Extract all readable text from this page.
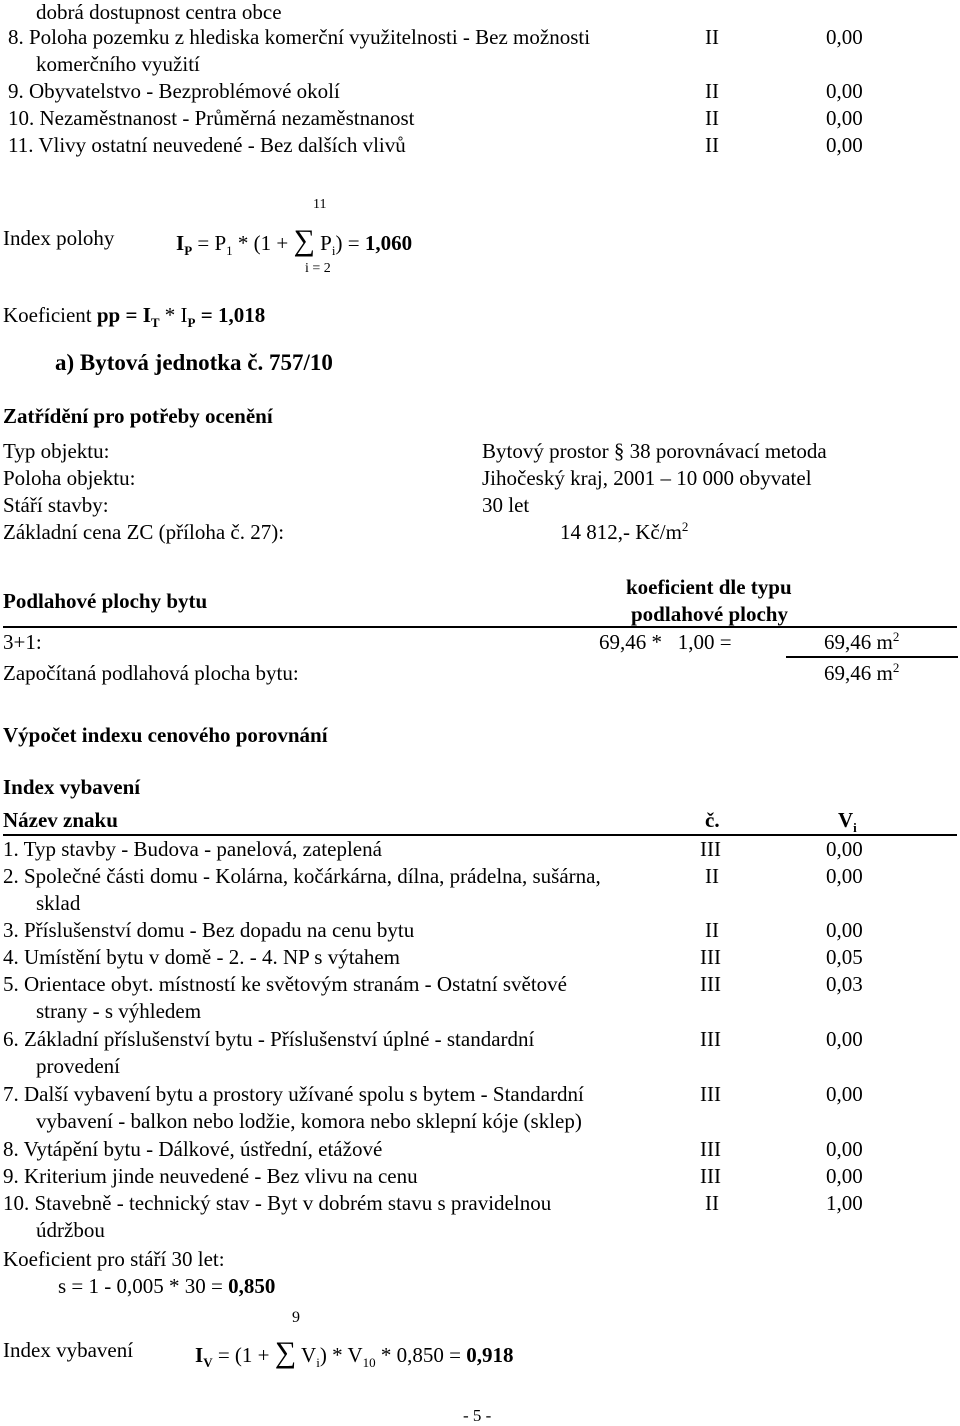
dobrá dostupnost centra obce
8. Poloha pozemku z hlediska komerční využitelnosti - Bez možnosti
komerčního využití
II	0,00
9. Obyvatelstvo - Bezproblémové okolí	II	0,00
10. Nezaměstnanost - Průměrná nezaměstnanost	II	0,00
11. Vlivy ostatní neuvedené - Bez dalších vlivů	II	0,00
11
Index polohy	$I_P = P_1 * (1$ + ∑ $P_i) = 1,060$
i = 2
Koeficient pp = $I_T * I_P = 1,018$
a) Bytová jednotka č. 757/10
Zatřídění pro potřeby ocenění
Typ objektu:	Bytový prostor § 38 porovnávací metoda
Poloha objektu:	Jihočeský kraj, 2001 – 10 000 obyvatel
Stáří stavby:	30 let
Základní cena ZC (příloha č. 27):	14 812,- $Kč/m^2$
Podlahové plochy bytu
koeficient dle typu
podlahové plochy
3+1:	69,46 *   1,00 =	69,46 $m^2$
Započítaná podlahová plocha bytu:	69,46 $m^2$
Výpočet indexu cenového porovnání
Index vybavení
Název znaku	č.	$V_i$
1. Typ stavby - Budova - panelová, zateplená	III	0,00
2. Společné části domu - Kolárna, kočárkárna, dílna, prádelna, sušárna,
sklad
II	0,00
3. Příslušenství domu - Bez dopadu na cenu bytu	II	0,00
4. Umístění bytu v domě - 2. - 4. NP s výtahem	III	0,05
5. Orientace obyt. místností ke světovým stranám - Ostatní světové
strany - s výhledem
III	0,03
6. Základní příslušenství bytu - Příslušenství úplné - standardní
provedení
III	0,00
7. Další vybavení bytu a prostory užívané spolu s bytem - Standardní
vybavení - balkon nebo lodžie, komora nebo sklepní kóje (sklep)
III	0,00
8. Vytápění bytu - Dálkové, ústřední, etážové	III	0,00
9. Kriterium jinde neuvedené - Bez vlivu na cenu	III	0,00
10. Stavebně - technický stav - Byt v dobrém stavu s pravidelnou
údržbou
II	1,00
Koeficient pro stáří 30 let:
s = 1 - 0,005 * 30 = 0,850
9
Index vybavení	$I_V = (1$ + ∑ $V_i) * V_{10} * 0,850 = 0,918$
- 5 -
